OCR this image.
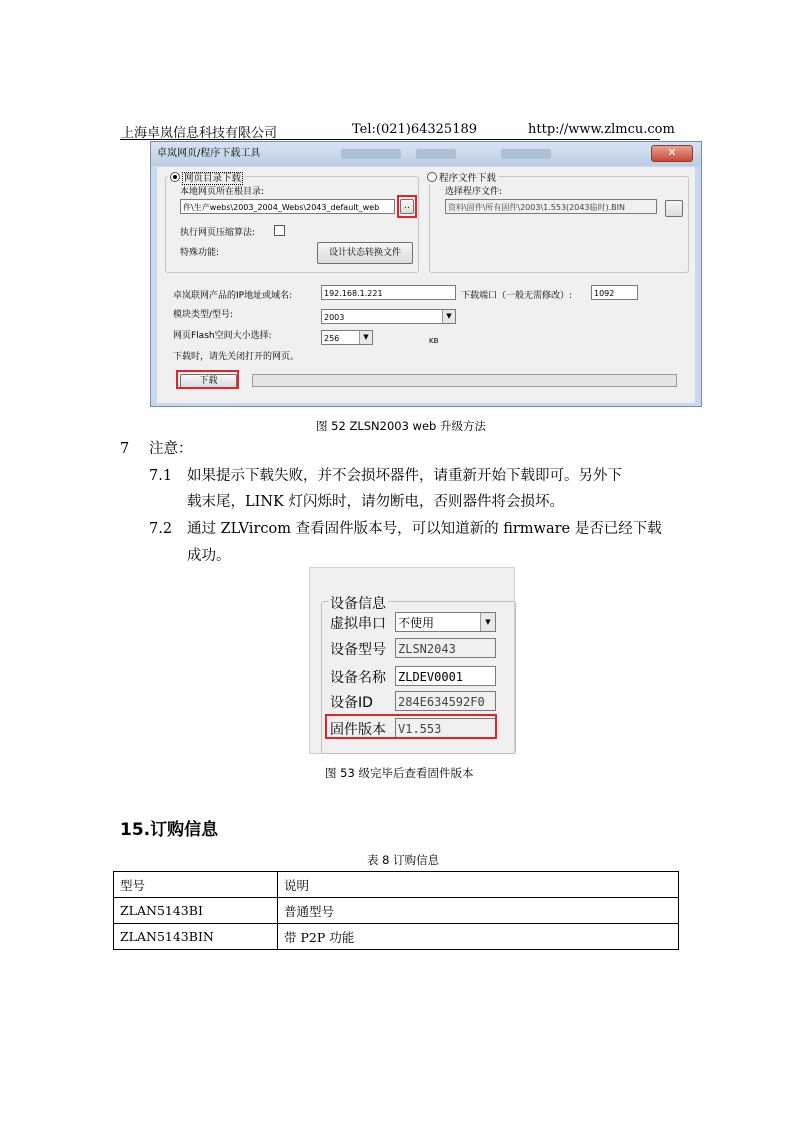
上海卓岚信息科技有限公司	Tel:(021)64325189	http://www.zlmcu.com
卓岚网页/程序下载工具	✕
网页目录下载
本地网页所在根目录:
件\生产webs\2003_2004_Webs\2043_default_web	..
执行网页压缩算法:
特殊功能:	设计状态转换文件
程序文件下载
选择程序文件:
资料\固件\所有固件\2003\1.553(2043临时).BIN
卓岚联网产品的IP地址或域名:	192.168.1.221	下载端口（一般无需修改）:	1092
模块类型/型号:	2003	▼
网页Flash空间大小选择:	256	▼	KB
下载时，请先关闭打开的网页。
下载
图 52 ZLSN2003 web 升级方法
7 注意：
7.1 如果提示下载失败，并不会损坏器件，请重新开始下载即可。另外下
载末尾，LINK 灯闪烁时，请勿断电，否则器件将会损坏。
7.2 通过 ZLVircom 查看固件版本号，可以知道新的 firmware 是否已经下载
成功。
设备信息
虚拟串口 不使用	▼
设备型号 ZLSN2043
设备名称 ZLDEV0001
设备ID 284E634592F0
固件版本 V1.553
图 53 级完毕后查看固件版本
15.订购信息
表 8 订购信息
型号	说明
ZLAN5143BI	普通型号
ZLAN5143BIN	带 P2P 功能
